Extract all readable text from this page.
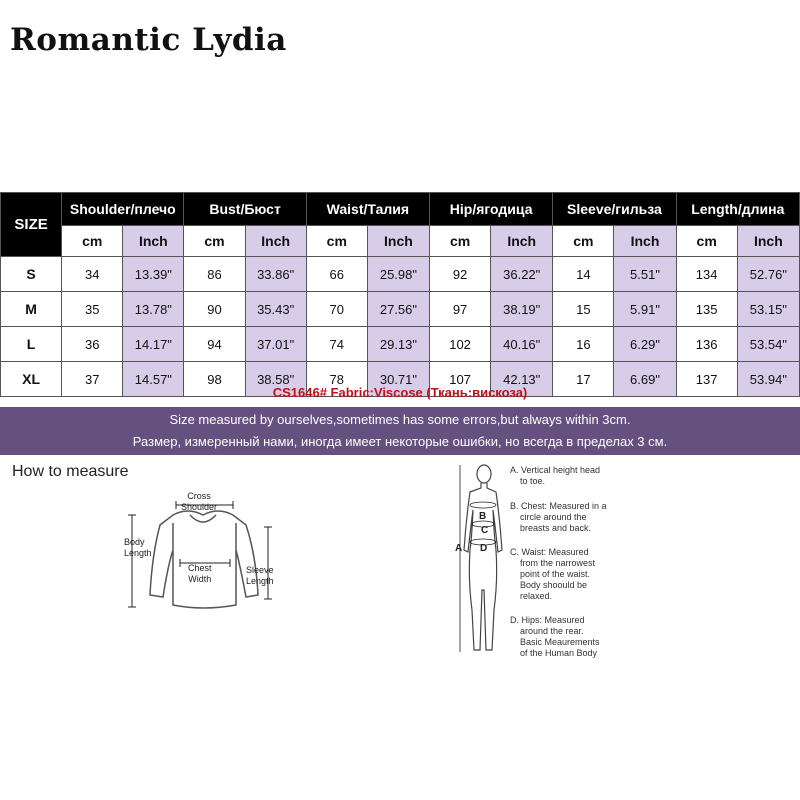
Romantic Lydia
SIZE	Shoulder/плечо		Bust/Бюст		Waist/Талия		Hip/ягодица		Sleeve/гильза		Length/длина	
	cm	Inch	cm	Inch	cm	Inch	cm	Inch	cm	Inch	cm	Inch
S	34	13.39"	86	33.86"	66	25.98"	92	36.22"	14	5.51"	134	52.76"
M	35	13.78"	90	35.43"	70	27.56"	97	38.19"	15	5.91"	135	53.15"
L	36	14.17"	94	37.01"	74	29.13"	102	40.16"	16	6.29"	136	53.54"
XL	37	14.57"	98	38.58"	78	30.71"	107	42.13"	17	6.69"	137	53.94"
CS1646# Fabric:Viscose (Ткань:вискоза)
Size measured by ourselves,sometimes has some errors,but always within 3cm.
Размер, измеренный нами, иногда имеет некоторые ошибки, но всегда в пределах 3 см.
How to measure
Cross
Shoulder
Body
Length
Chest
Width
Sleeve
Length
A
B
C
D
A. Vertical height head
to toe.
B. Chest: Measured in a
circle around the
breasts and back.
C. Waist: Measured
from the narrowest
point of the waist.
Body shoould be
relaxed.
D. Hips: Measured
around the rear.
Basic Meaurements
of the Human Body
